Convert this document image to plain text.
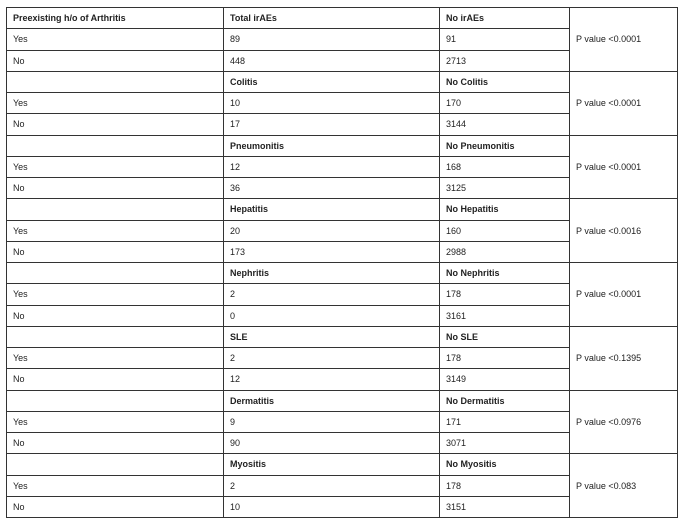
Preexisting h/o of Arthritis	Total irAEs	No irAEs	P value <0.0001
Yes	89	91	
No	448	2713	
	Colitis	No Colitis	P value <0.0001
Yes	10	170	
No	17	3144	
	Pneumonitis	No Pneumonitis	P value <0.0001
Yes	12	168	
No	36	3125	
	Hepatitis	No Hepatitis	P value <0.0016
Yes	20	160	
No	173	2988	
	Nephritis	No Nephritis	P value <0.0001
Yes	2	178	
No	0	3161	
	SLE	No SLE	P value <0.1395
Yes	2	178	
No	12	3149	
	Dermatitis	No Dermatitis	P value <0.0976
Yes	9	171	
No	90	3071	
	Myositis	No Myositis	P value <0.083
Yes	2	178	
No	10	3151	
